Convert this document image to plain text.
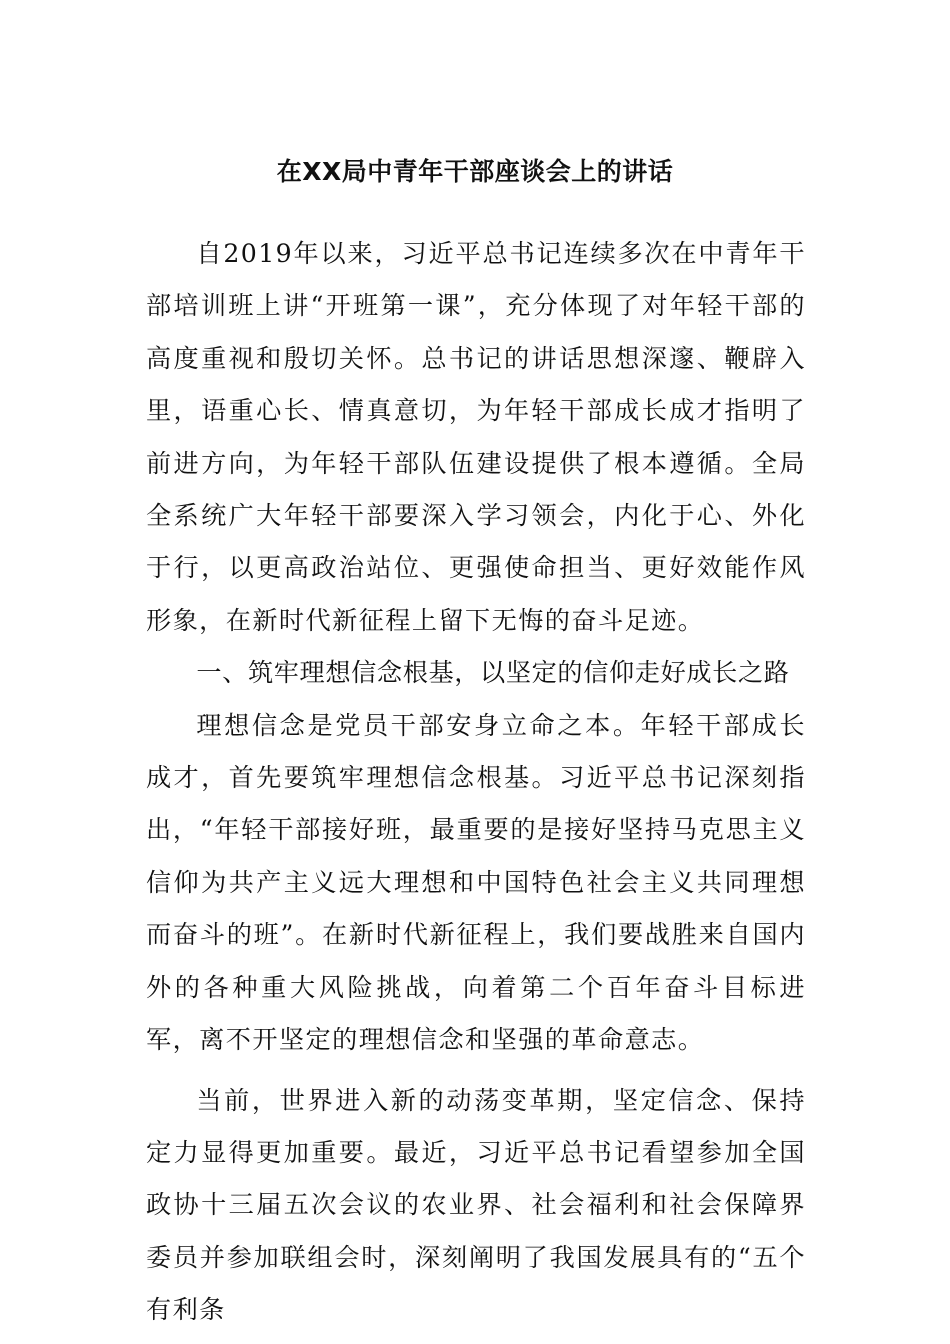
在XX局中青年干部座谈会上的讲话

自2019年以来，习近平总书记连续多次在中青年干部培训班上讲“开班第一课”，充分体现了对年轻干部的高度重视和殷切关怀。总书记的讲话思想深邃、鞭辟入里，语重心长、情真意切，为年轻干部成长成才指明了前进方向，为年轻干部队伍建设提供了根本遵循。全局全系统广大年轻干部要深入学习领会，内化于心、外化于行，以更高政治站位、更强使命担当、更好效能作风形象，在新时代新征程上留下无悔的奋斗足迹。

一、筑牢理想信念根基，以坚定的信仰走好成长之路

理想信念是党员干部安身立命之本。年轻干部成长成才，首先要筑牢理想信念根基。习近平总书记深刻指出，“年轻干部接好班，最重要的是接好坚持马克思主义信仰为共产主义远大理想和中国特色社会主义共同理想而奋斗的班”。在新时代新征程上，我们要战胜来自国内外的各种重大风险挑战，向着第二个百年奋斗目标进军，离不开坚定的理想信念和坚强的革命意志。

当前，世界进入新的动荡变革期，坚定信念、保持定力显得更加重要。最近，习近平总书记看望参加全国政协十三届五次会议的农业界、社会福利和社会保障界委员并参加联组会时，深刻阐明了我国发展具有的“五个有利条
